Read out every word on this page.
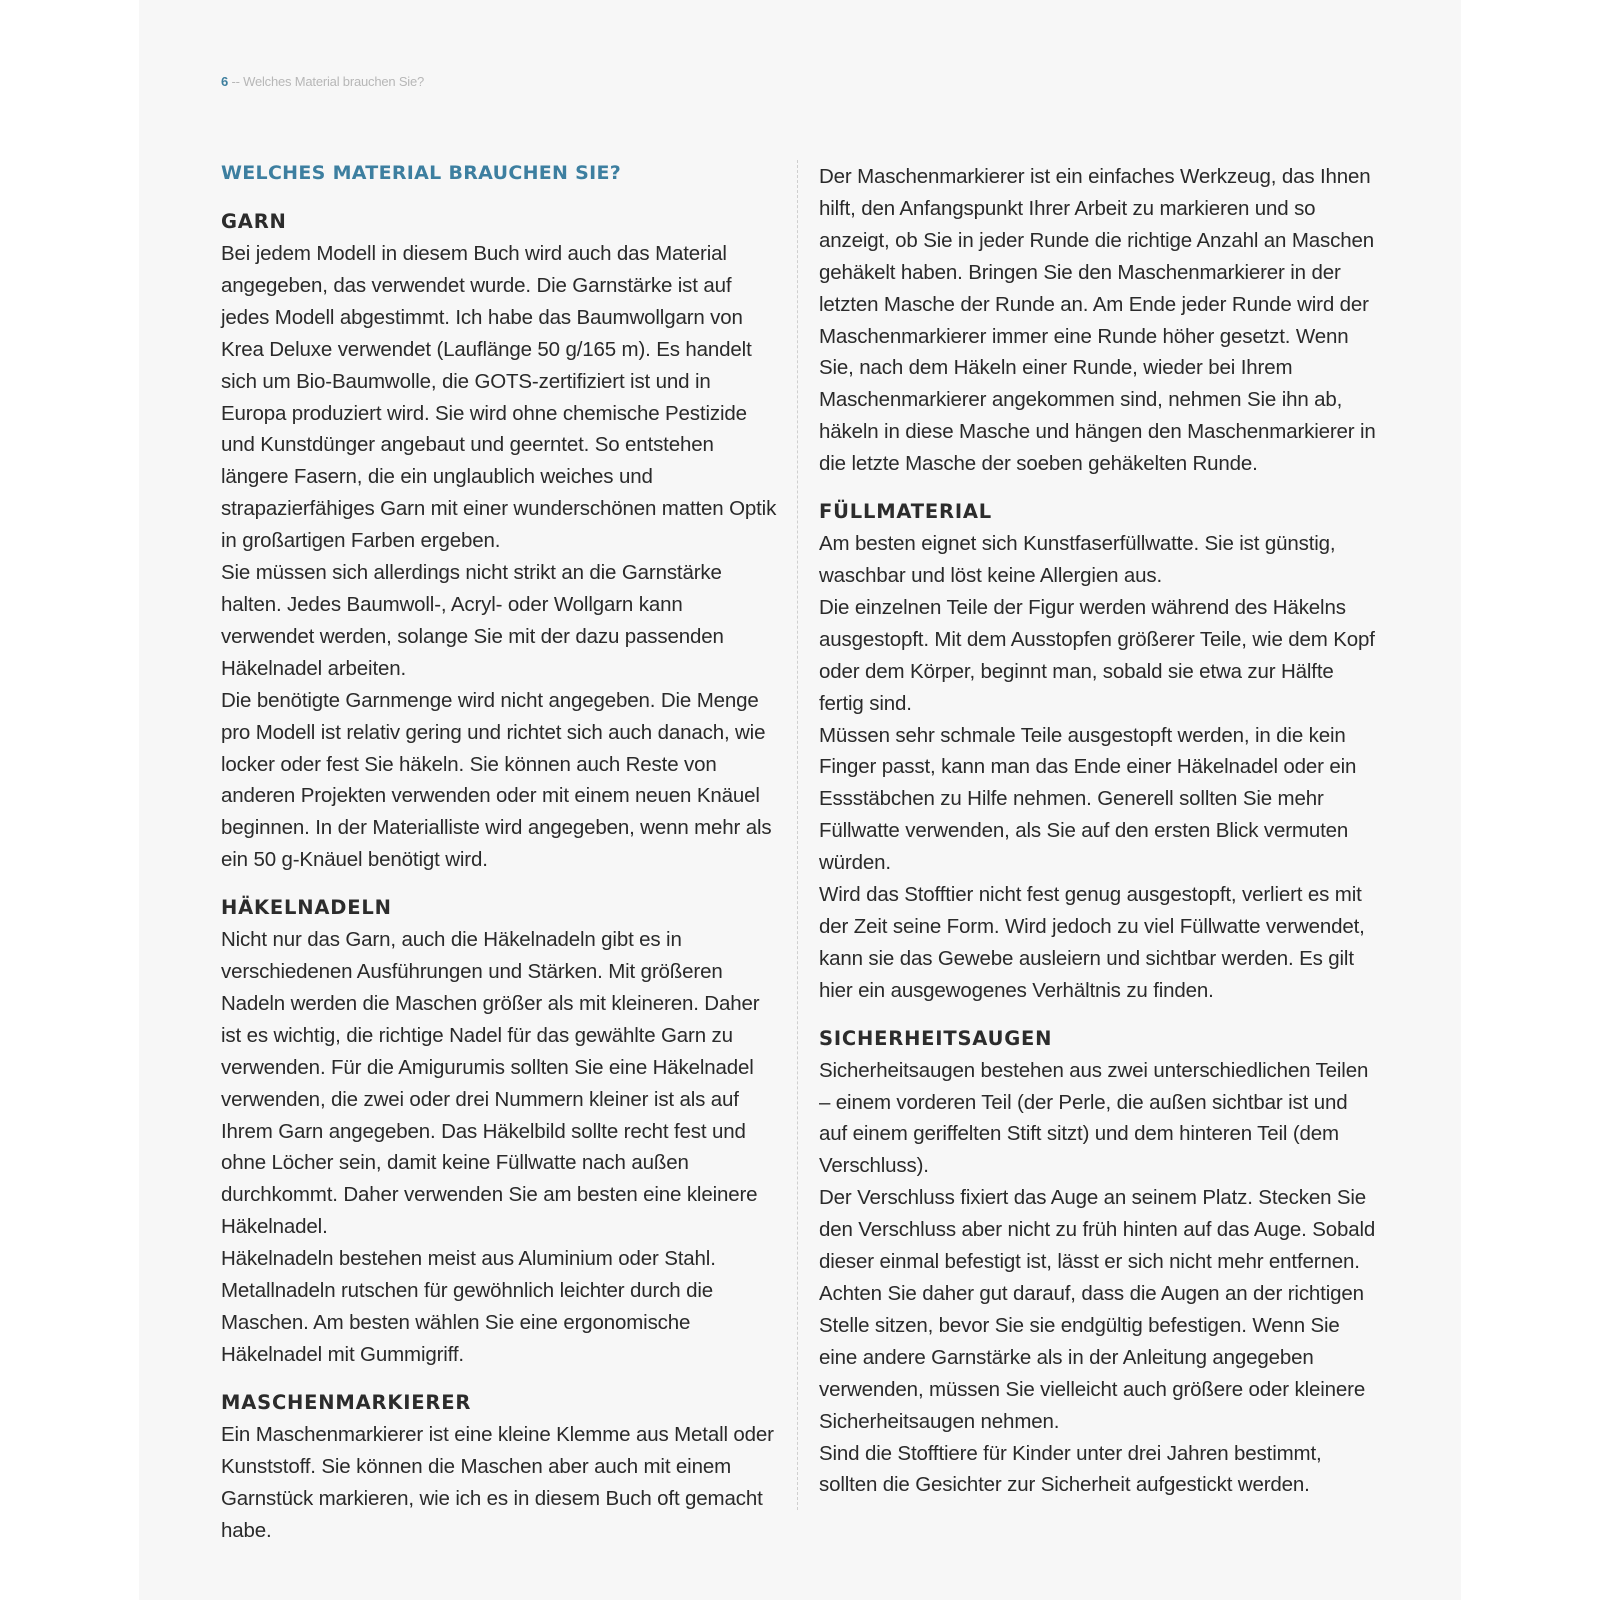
6 -- Welches Material brauchen Sie?
WELCHES MATERIAL BRAUCHEN SIE?
GARN

Bei jedem Modell in diesem Buch wird auch das Material angegeben, das verwendet wurde. Die Garnstärke ist auf jedes Modell abgestimmt. Ich habe das Baumwollgarn von Krea Deluxe verwendet (Lauflänge 50 g/165 m). Es handelt sich um Bio-Baumwolle, die GOTS-zertifiziert ist und in Europa produziert wird. Sie wird ohne chemische Pestizide und Kunstdünger angebaut und geerntet. So entstehen längere Fasern, die ein unglaublich weiches und strapazierfähiges Garn mit einer wunderschönen matten Optik in großartigen Farben ergeben.

Sie müssen sich allerdings nicht strikt an die Garnstärke halten. Jedes Baumwoll-, Acryl- oder Wollgarn kann verwendet werden, solange Sie mit der dazu passenden Häkelnadel arbeiten.

Die benötigte Garnmenge wird nicht angegeben. Die Menge pro Modell ist relativ gering und richtet sich auch danach, wie locker oder fest Sie häkeln. Sie können auch Reste von anderen Projekten verwenden oder mit einem neuen Knäuel beginnen. In der Materialliste wird angegeben, wenn mehr als ein 50 g-Knäuel benötigt wird.

HÄKELNADELN

Nicht nur das Garn, auch die Häkelnadeln gibt es in verschiedenen Ausführungen und Stärken. Mit größeren Nadeln werden die Maschen größer als mit kleineren. Daher ist es wichtig, die richtige Nadel für das gewählte Garn zu verwenden. Für die Amigurumis sollten Sie eine Häkelnadel verwenden, die zwei oder drei Nummern kleiner ist als auf Ihrem Garn angegeben. Das Häkelbild sollte recht fest und ohne Löcher sein, damit keine Füllwatte nach außen durchkommt. Daher verwenden Sie am besten eine kleinere Häkelnadel.

Häkelnadeln bestehen meist aus Aluminium oder Stahl. Metallnadeln rutschen für gewöhnlich leichter durch die Maschen. Am besten wählen Sie eine ergonomische Häkelnadel mit Gummigriff.

MASCHENMARKIERER

Ein Maschenmarkierer ist eine kleine Klemme aus Metall oder Kunststoff. Sie können die Maschen aber auch mit einem Garnstück markieren, wie ich es in diesem Buch oft gemacht habe.

Der Maschenmarkierer ist ein einfaches Werkzeug, das Ihnen hilft, den Anfangspunkt Ihrer Arbeit zu markieren und so anzeigt, ob Sie in jeder Runde die richtige Anzahl an Maschen gehäkelt haben. Bringen Sie den Maschenmarkierer in der letzten Masche der Runde an. Am Ende jeder Runde wird der Maschenmarkierer immer eine Runde höher gesetzt. Wenn Sie, nach dem Häkeln einer Runde, wieder bei Ihrem Maschenmarkierer angekommen sind, nehmen Sie ihn ab, häkeln in diese Masche und hängen den Maschenmarkierer in die letzte Masche der soeben gehäkelten Runde.

FÜLLMATERIAL

Am besten eignet sich Kunstfaserfüllwatte. Sie ist günstig, waschbar und löst keine Allergien aus.

Die einzelnen Teile der Figur werden während des Häkelns ausgestopft. Mit dem Ausstopfen größerer Teile, wie dem Kopf oder dem Körper, beginnt man, sobald sie etwa zur Hälfte fertig sind.

Müssen sehr schmale Teile ausgestopft werden, in die kein Finger passt, kann man das Ende einer Häkelnadel oder ein Essstäbchen zu Hilfe nehmen. Generell sollten Sie mehr Füllwatte verwenden, als Sie auf den ersten Blick vermuten würden.

Wird das Stofftier nicht fest genug ausgestopft, verliert es mit der Zeit seine Form. Wird jedoch zu viel Füllwatte verwendet, kann sie das Gewebe ausleiern und sichtbar werden. Es gilt hier ein ausgewogenes Verhältnis zu finden.

SICHERHEITSAUGEN

Sicherheitsaugen bestehen aus zwei unterschiedlichen Teilen – einem vorderen Teil (der Perle, die außen sichtbar ist und auf einem geriffelten Stift sitzt) und dem hinteren Teil (dem Verschluss).

Der Verschluss fixiert das Auge an seinem Platz. Stecken Sie den Verschluss aber nicht zu früh hinten auf das Auge. Sobald dieser einmal befestigt ist, lässt er sich nicht mehr entfernen. Achten Sie daher gut darauf, dass die Augen an der richtigen Stelle sitzen, bevor Sie sie endgültig befestigen. Wenn Sie eine andere Garnstärke als in der Anleitung angegeben verwenden, müssen Sie vielleicht auch größere oder kleinere Sicherheitsaugen nehmen.

Sind die Stofftiere für Kinder unter drei Jahren bestimmt, sollten die Gesichter zur Sicherheit aufgestickt werden.
